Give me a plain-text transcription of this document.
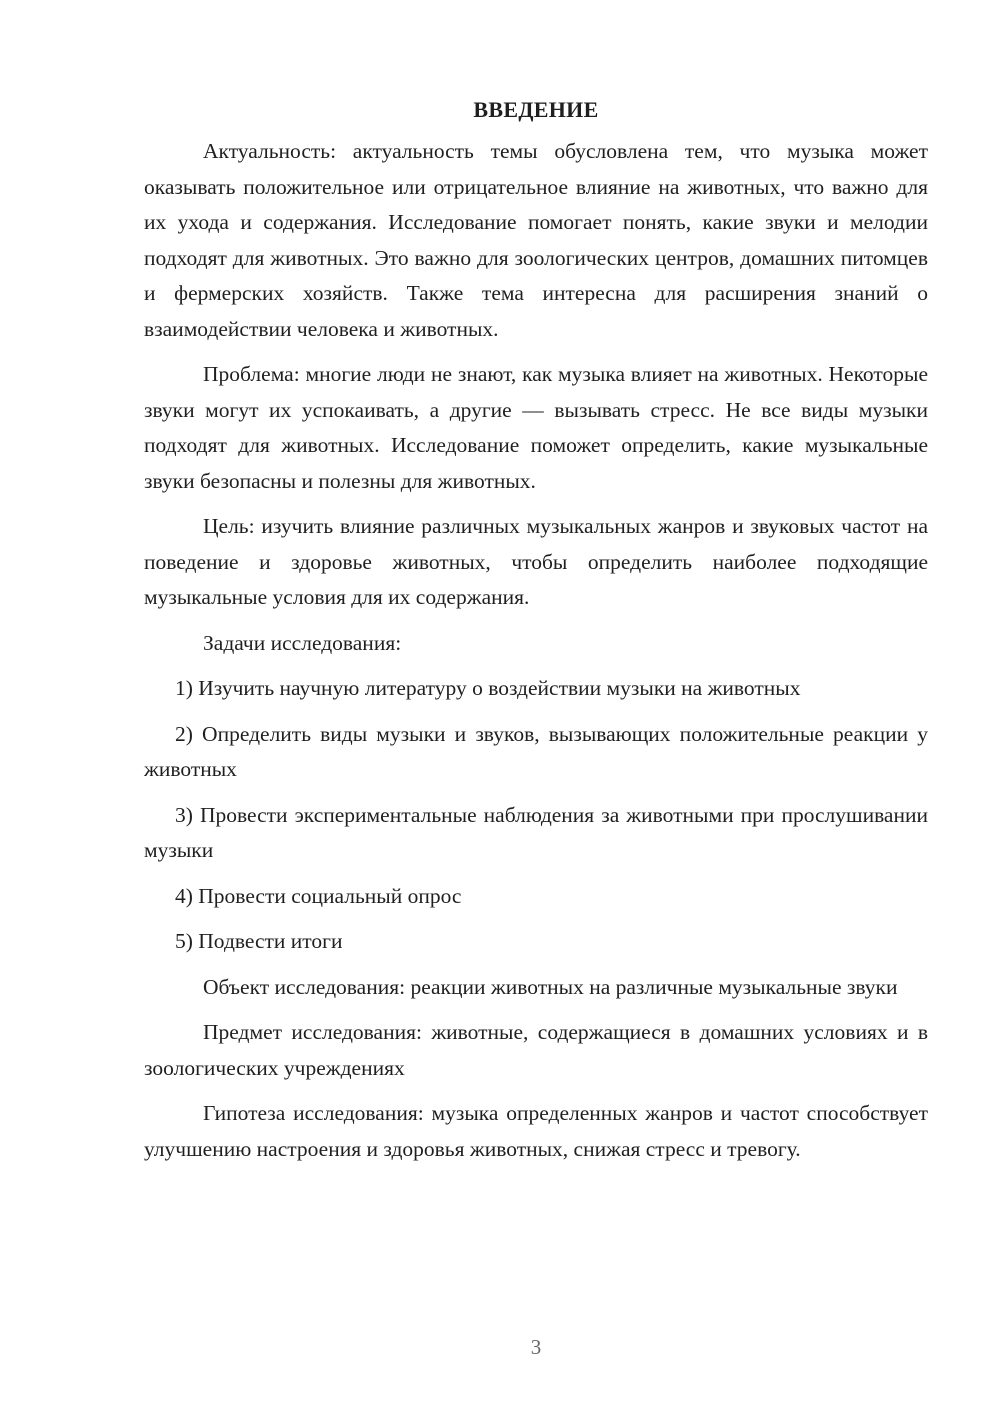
ВВЕДЕНИЕ

Актуальность: актуальность темы обусловлена тем, что музыка может оказывать положительное или отрицательное влияние на животных, что важно для их ухода и содержания. Исследование помогает понять, какие звуки и мелодии подходят для животных. Это важно для зоологических центров, домашних питомцев и фермерских хозяйств. Также тема интересна для расширения знаний о взаимодействии человека и животных.

Проблема: многие люди не знают, как музыка влияет на животных. Некоторые звуки могут их успокаивать, а другие — вызывать стресс. Не все виды музыки подходят для животных. Исследование поможет определить, какие музыкальные звуки безопасны и полезны для животных.

Цель: изучить влияние различных музыкальных жанров и звуковых частот на поведение и здоровье животных, чтобы определить наиболее подходящие музыкальные условия для их содержания.

Задачи исследования:

1) Изучить научную литературу о воздействии музыки на животных

2) Определить виды музыки и звуков, вызывающих положительные реакции у животных

3) Провести экспериментальные наблюдения за животными при прослушивании музыки

4) Провести социальный опрос

5) Подвести итоги

Объект исследования: реакции животных на различные музыкальные звуки

Предмет исследования: животные, содержащиеся в домашних условиях и в зоологических учреждениях

Гипотеза исследования: музыка определенных жанров и частот способствует улучшению настроения и здоровья животных, снижая стресс и тревогу.

3
